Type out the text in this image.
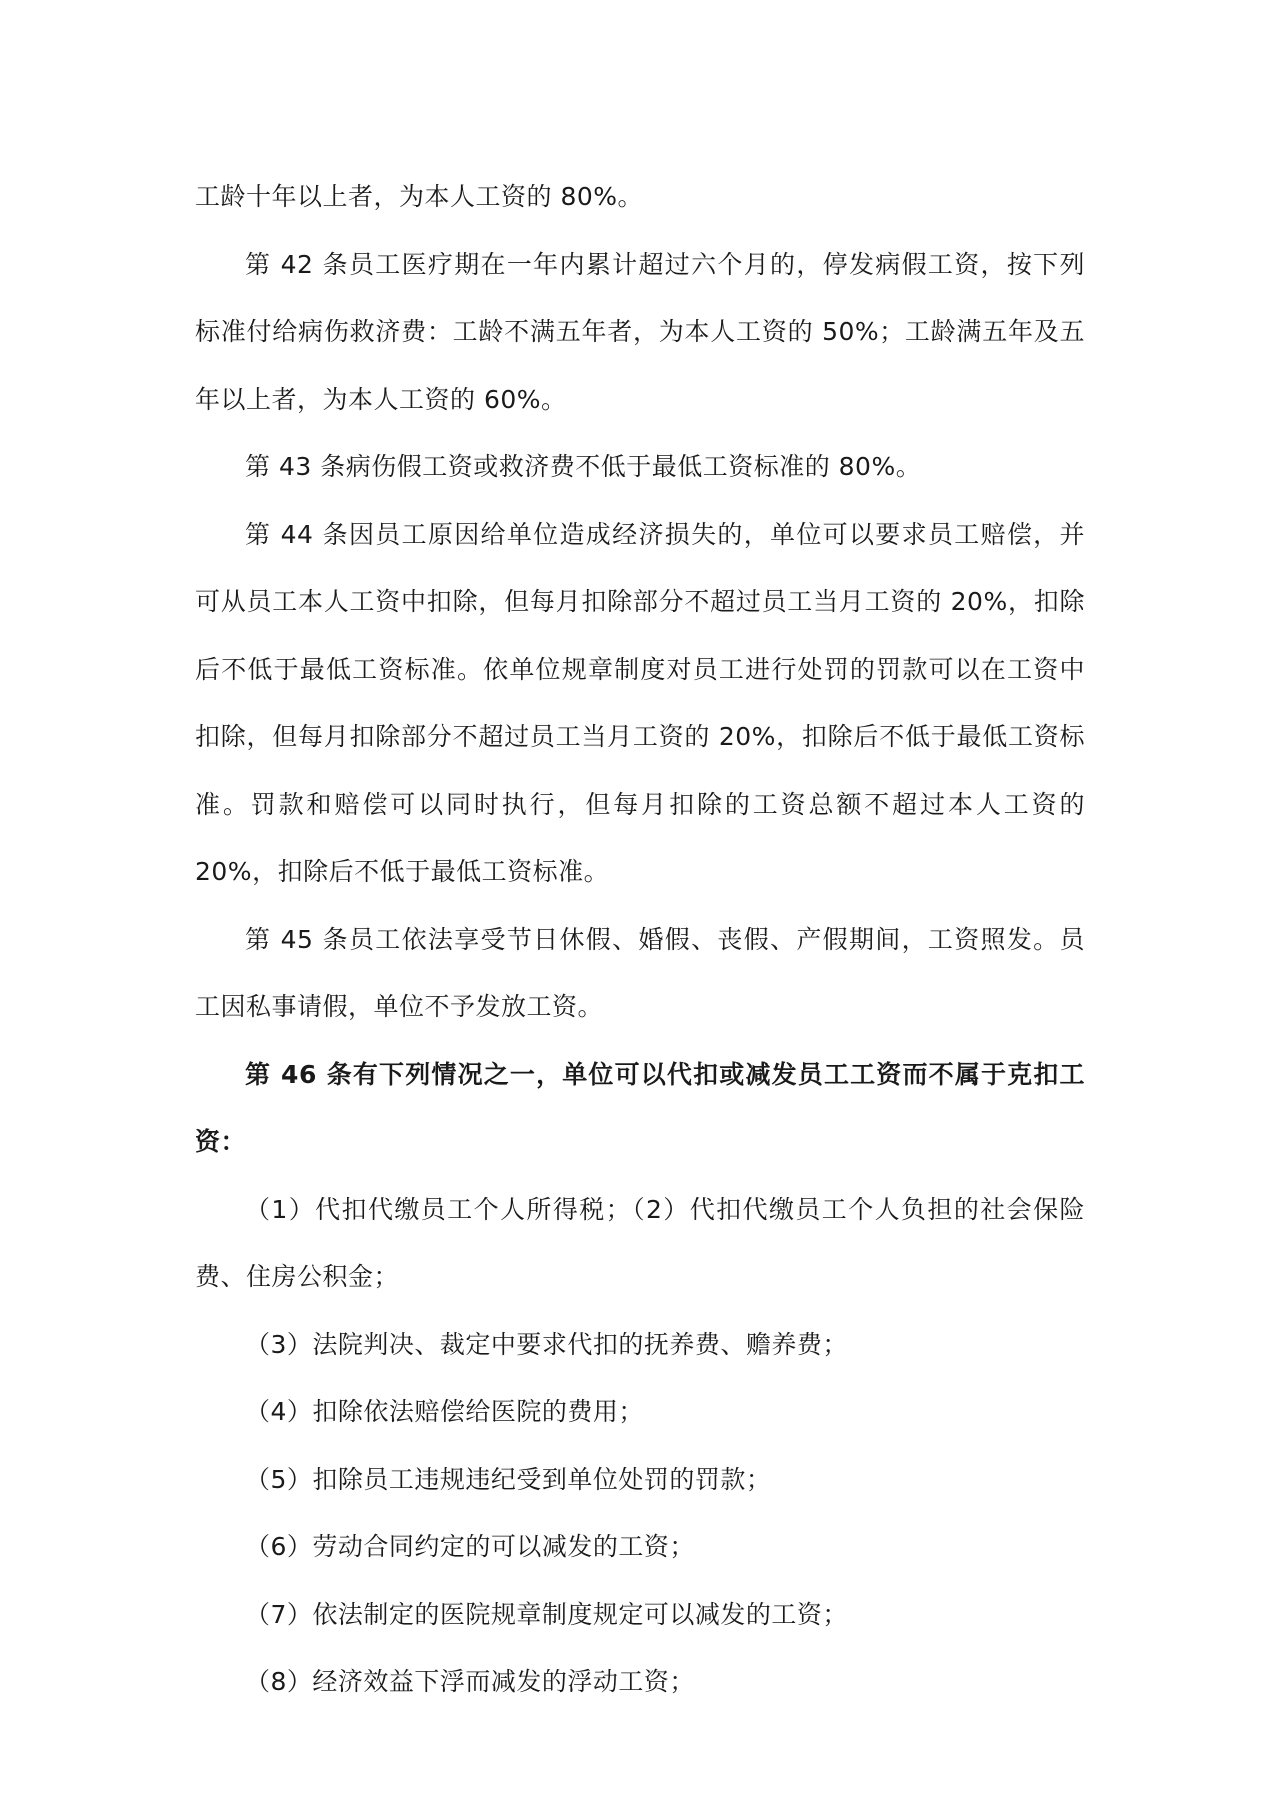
工龄十年以上者，为本人工资的 80%。

第 42 条员工医疗期在一年内累计超过六个月的，停发病假工资，按下列标准付给病伤救济费：工龄不满五年者，为本人工资的 50%；工龄满五年及五年以上者，为本人工资的 60%。

第 43 条病伤假工资或救济费不低于最低工资标准的 80%。

第 44 条因员工原因给单位造成经济损失的，单位可以要求员工赔偿，并可从员工本人工资中扣除，但每月扣除部分不超过员工当月工资的 20%，扣除后不低于最低工资标准。依单位规章制度对员工进行处罚的罚款可以在工资中扣除，但每月扣除部分不超过员工当月工资的 20%，扣除后不低于最低工资标准。罚款和赔偿可以同时执行，但每月扣除的工资总额不超过本人工资的 20%，扣除后不低于最低工资标准。

第 45 条员工依法享受节日休假、婚假、丧假、产假期间，工资照发。员工因私事请假，单位不予发放工资。

第 46 条有下列情况之一，单位可以代扣或减发员工工资而不属于克扣工资：

（1）代扣代缴员工个人所得税；（2）代扣代缴员工个人负担的社会保险费、住房公积金；

（3）法院判决、裁定中要求代扣的抚养费、赡养费；

（4）扣除依法赔偿给医院的费用；

（5）扣除员工违规违纪受到单位处罚的罚款；

（6）劳动合同约定的可以减发的工资；

（7）依法制定的医院规章制度规定可以减发的工资；

（8）经济效益下浮而减发的浮动工资；
